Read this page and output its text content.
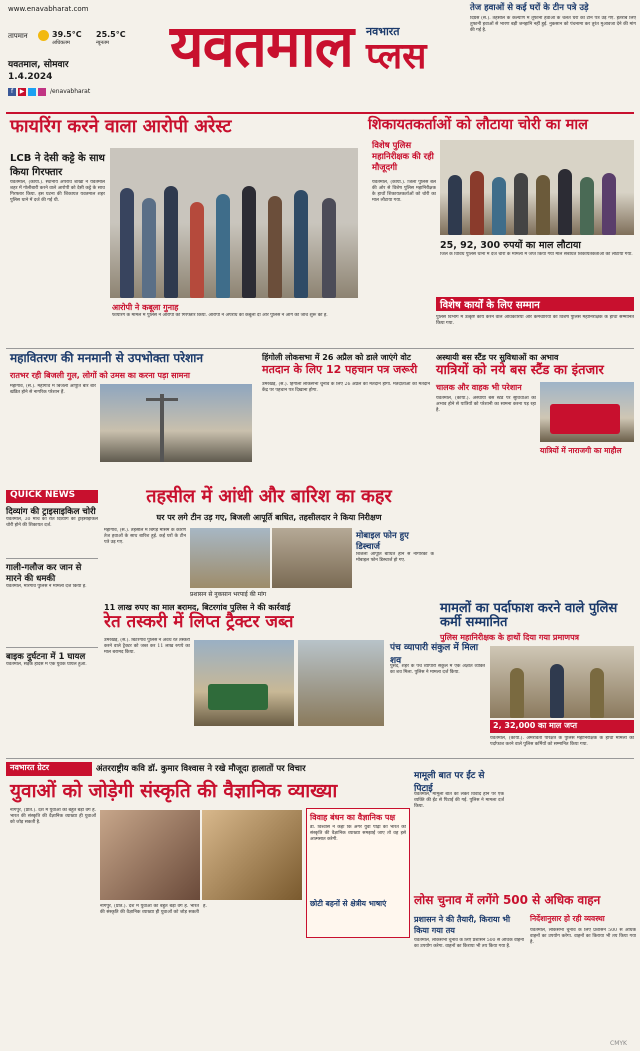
www.enavabharat.com
तापमान	39.5°C
अधिकतम
25.5°C
न्यूनतम
यवतमाल, सोमवार
1.4.2024
f	▶	/enavabharat
यवतमाल नवभारत
प्लस
तेज हवाओं से कई घरों के टीन पत्रे उड़े
दिग्रस (सं.). तहसील के कल्याण में तूफानी हवाओं के चलते घरों की टीन पत्रे उड़ गए. हेतरांबे लिए तुफानी हवाओं से भारण बड़ी जनहानि नहीं हुई. नुकसान को पंचनामा कर तुरंत मुआवजा देने की मांग की गई है.
फायरिंग करने वाला आरोपी अरेस्ट
LCB ने देसी कट्टे के साथ किया गिरफ्तार
यवतमाल, (कार्या.). स्थानीय अपराध शाखा ने यवतमाल शहर में गोलीबारी करने वाले आरोपी को देसी कट्टे के साथ गिरफ्तार किया. इस घटना की शिकायत यवतमाल शहर पुलिस थाने में दर्ज की गई थी.
आरोपी ने कबूला गुनाह
फायरिंग के मामले में पुलिस ने आरोपी को गिरफ्तार किया. आरोपी ने अपराध की कबूली दी और पुलिस ने आगे की जांच शुरू की है.
शिकायतकर्ताओं को लौटाया चोरी का माल
विशेष पुलिस महानिरीक्षक की रही मौजूदगी
यवतमाल, (कार्या.). जिला पुलिस बल की ओर से विशेष पुलिस महानिरीक्षक के हाथों शिकायतकर्ताओं को चोरी का माल लौटाया गया.
25, 92, 300 रुपयों का माल लौटाया
जिले के विविध पुलिस थानों में दर्ज चोरी के मामलों में जप्त किया गया माल संबंधित शिकायतकर्ताओं को लौटाया गया.
विशेष कार्यों के लिए सम्मान
पुलिस विभाग में उत्कृष्ट कार्य करने वाले अधिकारियों और कर्मचारियों को विशेष पुलिस महानिरीक्षक के हाथों सम्मानित किया गया.
महावितरण की मनमानी से उपभोक्ता परेशान
रातभर रही बिजली गुल, लोगों को उमस का करना पड़ा सामना
महागांव, (सं.). महागांव में बिजली आपूर्ति बार बार खंडित होने से नागरिक परेशान हैं.
हिंगोली लोकसभा में 26 अप्रैल को डाले जाएंगे वोट
मतदान के लिए 12 पहचान पत्र जरूरी
उमरखेड़, (सं.). हिंगोली लोकसभा चुनाव के लिए 26 अप्रैल को मतदान होगा. मतदाताओं को मतदान केंद्र पर पहचान पत्र दिखाना होगा.
अस्थायी बस स्टैंड पर सुविधाओं का अभाव
यात्रियों को नये बस स्टैंड का इंतजार
चालक और वाहक भी परेशान
यवतमाल, (कार्या.). अस्थायी बस स्टैंड पर सुविधाओं का अभाव होने से यात्रियों को परेशानी का सामना करना पड़ रहा है.
यात्रियों में नाराजगी का माहौल
QUICK NEWS
दिव्यांग की ट्राइसाइकिल चोरी
यवतमाल, 30 मार्च की रात दिव्यांग की ट्राइसाइकिल चोरी होने की शिकायत दर्ज.
गाली-गलौज कर जान से मारने की धमकी
यवतमाल, मारेगांव पुलिस ने मामला दर्ज किया है.
बाइक दुर्घटना में 1 घायल
यवतमाल, सड़क हादसे में एक युवक घायल हुआ.
तहसील में आंधी और बारिश का कहर
घर पर लगे टीन उड़ गए, बिजली आपूर्ति बाधित, तहसीलदार ने किया निरीक्षण
महागांव, (सं.). तहसील में बिगड़े मौसम के कारण तेज हवाओं के साथ बारिश हुई. कई घरों के टीन पत्रे उड़ गए.
प्रशासन से नुकसान भरपाई की मांग
मोबाइल फोन हुए डिस्चार्ज
बिजली आपूर्ति बाधित होने से नागरिकों के मोबाइल फोन डिस्चार्ज हो गए.
11 लाख रुपए का माल बरामद, बिटरगांव पुलिस ने की कार्रवाई
रेत तस्करी में लिप्त ट्रैक्टर जब्त
उमरखेड़, (सं.). बिटरगांव पुलिस ने अवैध रेत तस्करी करने वाले ट्रैक्टर को जब्त कर 11 लाख रुपये का माल बरामद किया.	पंच व्यापारी संकुल में मिला शव
पुसद, शहर के पंच व्यापारी संकुल में एक अज्ञात व्यक्ति का शव मिला. पुलिस ने मामला दर्ज किया.
मामलों का पर्दाफाश करने वाले पुलिस कर्मी सम्मानित
पुलिस महानिरीक्षक के हाथों दिया गया प्रमाणपत्र
2, 32,000 का माल जप्त
यवतमाल, (कार्या.). अमरावती परिक्षेत्र के पुलिस महानिरीक्षक के हाथों मामलों का पर्दाफाश करने वाले पुलिस कर्मियों को सम्मानित किया गया.
नवभारत ग्रेटर	अंतरराष्ट्रीय कवि डॉ. कुमार विश्वास ने रखे मौजूदा हालातों पर विचार
युवाओं को जोड़ेगी संस्कृति की वैज्ञानिक व्याख्या
नागपुर, (प्रति.). देश में युवाओं का बहुत बड़ा वर्ग है. भारत की संस्कृति की वैज्ञानिक व्याख्या ही युवाओं को जोड़ सकती है.
विवाह बंधन का वैज्ञानिक पक्ष
डॉ. विश्वास ने कहा कि अगर युवा पीढ़ी को भारत की संस्कृति की वैज्ञानिक व्याख्या समझाई जाए तो वह इसे आत्मसात करेगी.
छोटी बहनों से क्षेत्रीय भाषाएं
नागपुर, (प्रति.). देश में युवाओं का बहुत बड़ा वर्ग है. भारत की संस्कृति की वैज्ञानिक व्याख्या ही युवाओं को जोड़ सकती है.
मामूली बात पर ईंट से पिटाई
यवतमाल, मामूली बात को लेकर विवाद होने पर एक व्यक्ति की ईंट से पिटाई की गई. पुलिस ने मामला दर्ज किया.
लोस चुनाव में लगेंगे 500 से अधिक वाहन
प्रशासन ने की तैयारी, किराया भी किया गया तय
यवतमाल, लोकसभा चुनाव के लिए प्रशासन 500 से अधिक वाहनों का उपयोग करेगा. वाहनों का किराया भी तय किया गया है.
निर्देशानुसार हो रही व्यवस्था
यवतमाल, लोकसभा चुनाव के लिए प्रशासन 500 से अधिक वाहनों का उपयोग करेगा. वाहनों का किराया भी तय किया गया है.
CMYK
